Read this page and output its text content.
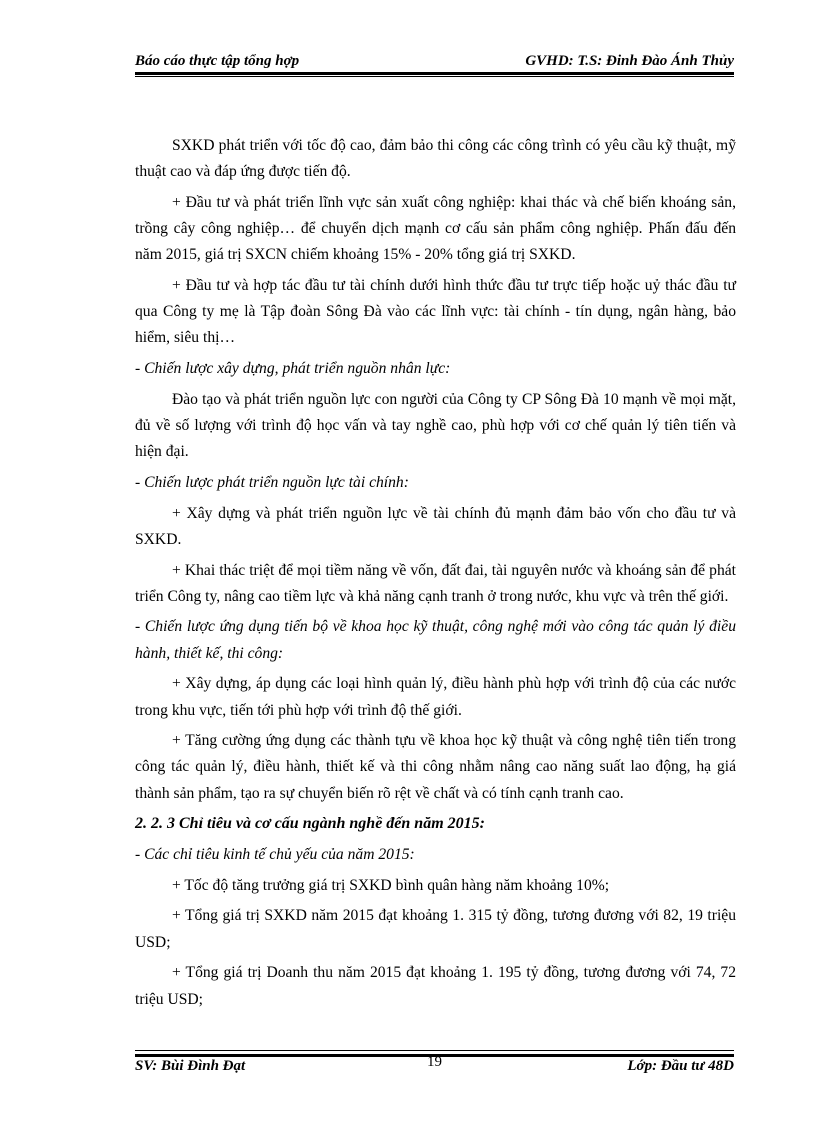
Báo cáo thực tập tổng hợp	GVHD: T.S: Đinh Đào Ánh Thủy

SXKD phát triển với tốc độ cao, đảm bảo thi công các công trình có yêu cầu kỹ thuật, mỹ thuật cao và đáp ứng được tiến độ.

+ Đầu tư và phát triển lĩnh vực sản xuất công nghiệp: khai thác và chế biến khoáng sản, trồng cây công nghiệp… để chuyển dịch mạnh cơ cấu sản phẩm công nghiệp. Phấn đấu đến năm 2015, giá trị SXCN chiếm khoảng 15% - 20% tổng giá trị SXKD.

+ Đầu tư và hợp tác đầu tư tài chính dưới hình thức đầu tư trực tiếp hoặc uỷ thác đầu tư qua Công ty mẹ là Tập đoàn Sông Đà vào các lĩnh vực: tài chính - tín dụng, ngân hàng, bảo hiểm, siêu thị…

- Chiến lược xây dựng, phát triển nguồn nhân lực:

Đào tạo và phát triển nguồn lực con người của Công ty CP Sông Đà 10 mạnh về mọi mặt, đủ về số lượng với trình độ học vấn và tay nghề cao, phù hợp với cơ chế quản lý tiên tiến và hiện đại.

- Chiến lược phát triển nguồn lực tài chính:

+ Xây dựng và phát triển nguồn lực về tài chính đủ mạnh đảm bảo vốn cho đầu tư và SXKD.

+ Khai thác triệt để mọi tiềm năng về vốn, đất đai, tài nguyên nước và khoáng sản để phát triển Công ty, nâng cao tiềm lực và khả năng cạnh tranh ở trong nước, khu vực và trên thế giới.

- Chiến lược ứng dụng tiến bộ về khoa học kỹ thuật, công nghệ mới vào công tác quản lý điều hành, thiết kế, thi công:

+ Xây dựng, áp dụng các loại hình quản lý, điều hành phù hợp với trình độ của các nước trong khu vực, tiến tới phù hợp với trình độ thế giới.

+ Tăng cường ứng dụng các thành tựu về khoa học kỹ thuật và công nghệ tiên tiến trong công tác quản lý, điều hành, thiết kế và thi công nhằm nâng cao năng suất lao động, hạ giá thành sản phẩm, tạo ra sự chuyển biến rõ rệt về chất và có tính cạnh tranh cao.

2. 2. 3 Chỉ tiêu và cơ cấu ngành nghề đến năm 2015:

- Các chỉ tiêu kinh tế chủ yếu của năm 2015:

+ Tốc độ tăng trưởng giá trị SXKD bình quân hàng năm khoảng 10%;

+ Tổng giá trị SXKD năm 2015 đạt khoảng 1. 315 tỷ đồng, tương đương với 82, 19 triệu USD;

+ Tổng giá trị Doanh thu năm 2015 đạt khoảng 1. 195 tỷ đồng, tương đương với 74, 72 triệu USD;

SV: Bùi Đình Đạt	19	Lớp: Đầu tư 48D
